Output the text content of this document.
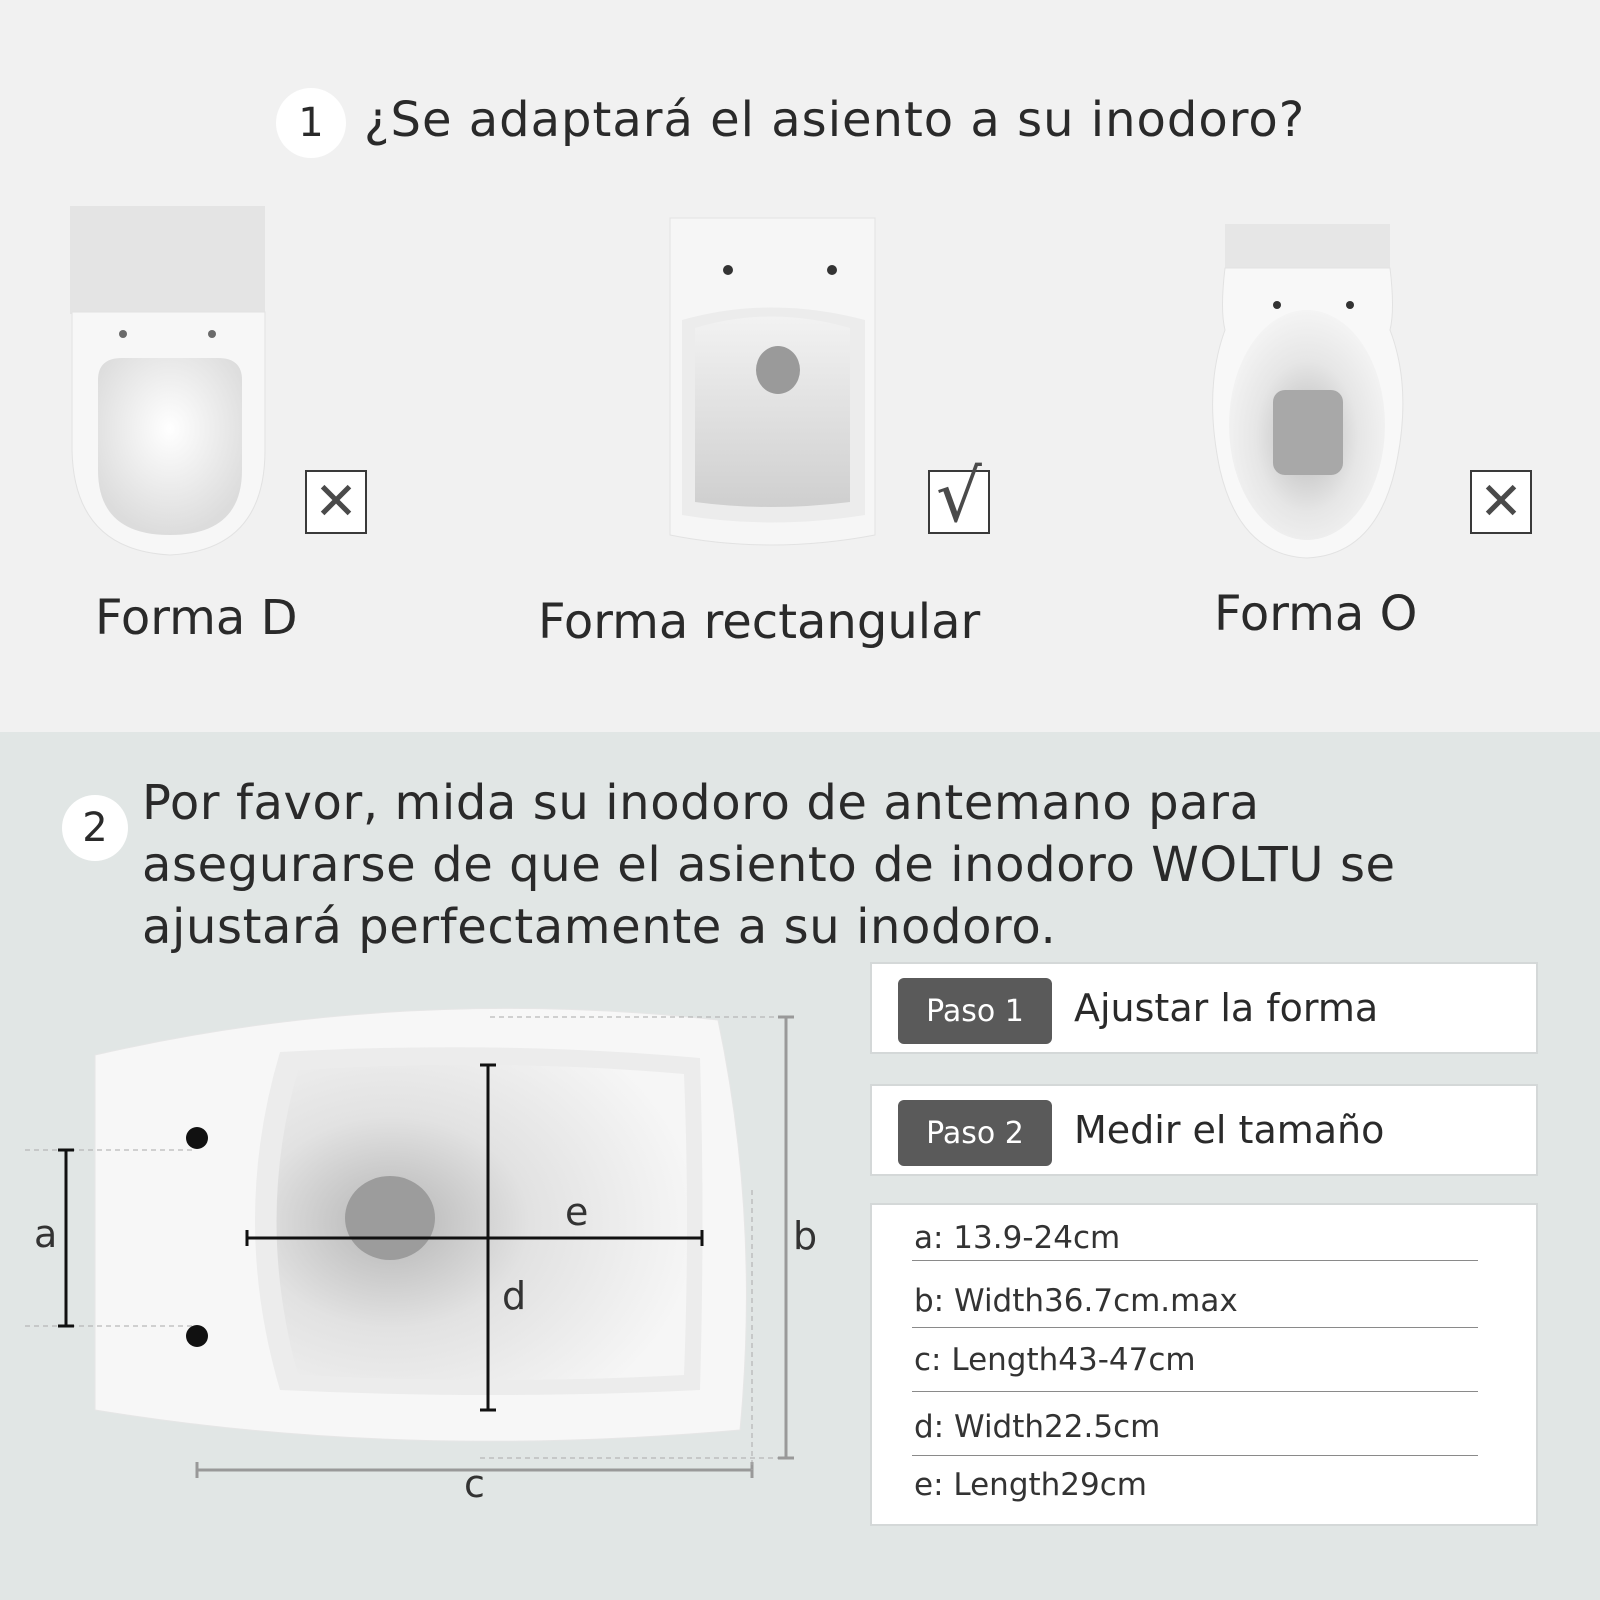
1 ¿Se adaptará el asiento a su inodoro?
✕	√	✕
Forma D	Forma rectangular	Forma O
2 Por favor, mida su inodoro de antemano para
asegurarse de que el asiento de inodoro WOLTU se
ajustará perfectamente a su inodoro.
a	b
c
d
e
Paso 1	Ajustar la forma
Paso 2	Medir el tamaño
a: 13.9-24cm
b: Width36.7cm.max
c: Length43-47cm
d: Width22.5cm
e: Length29cm
